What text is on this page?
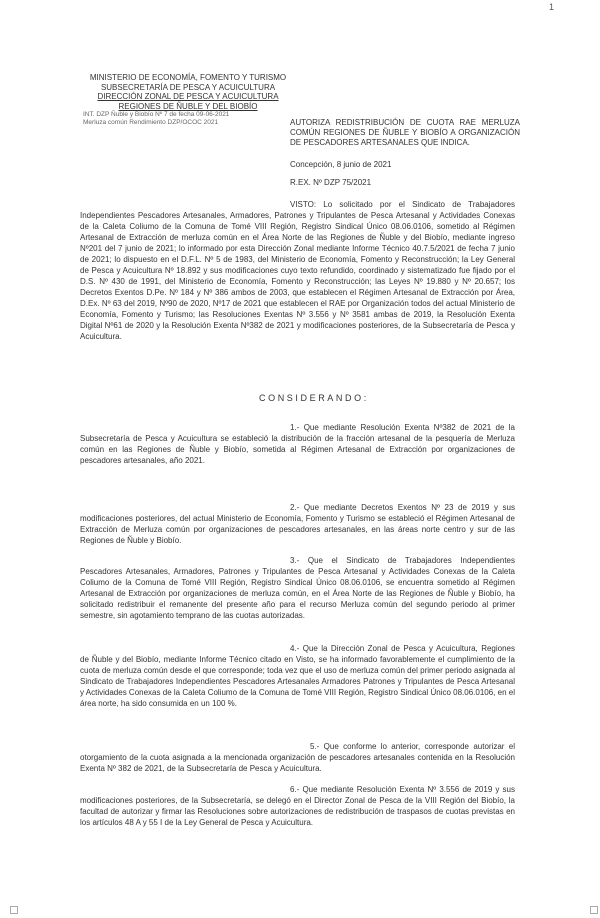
1
MINISTERIO DE ECONOMÍA, FOMENTO Y TURISMO
SUBSECRETARÍA DE PESCA Y ACUICULTURA
DIRECCIÓN ZONAL DE PESCA Y ACUICULTURA
REGIONES DE ÑUBLE Y DEL BIOBÍO
INT. DZP Ñuble y Biobío Nº 7 de fecha 09-06-2021
Merluza común Rendimiento DZP/OCOC 2021	AUTORIZA REDISTRIBUCIÓN DE CUOTA RAE MERLUZA COMÚN REGIONES DE ÑUBLE Y BIOBÍO A ORGANIZACIÓN DE PESCADORES ARTESANALES QUE INDICA.
Concepción, 8 junio de 2021
R.EX. Nº DZP 75/2021
VISTO: Lo solicitado por el Sindicato de Trabajadores Independientes Pescadores Artesanales, Armadores, Patrones y Tripulantes de Pesca Artesanal y Actividades Conexas de la Caleta Coliumo de la Comuna de Tomé VIII Región, Registro Sindical Único 08.06.0106, sometido al Régimen Artesanal de Extracción de merluza común en el Área Norte de las Regiones de Ñuble y del Biobío, mediante ingreso Nº201 del 7 junio de 2021; lo informado por esta Dirección Zonal mediante Informe Técnico 40.7.5/2021 de fecha 7 junio de 2021; lo dispuesto en el D.F.L. Nº 5 de 1983, del Ministerio de Economía, Fomento y Reconstrucción; la Ley General de Pesca y Acuicultura Nº 18.892 y sus modificaciones cuyo texto refundido, coordinado y sistematizado fue fijado por el D.S. Nº 430 de 1991, del Ministerio de Economía, Fomento y Reconstrucción; las Leyes Nº 19.880 y Nº 20.657; los Decretos Exentos D.Pe. Nº 184 y Nº 386 ambos de 2003, que establecen el Régimen Artesanal de Extracción por Área, D.Ex. Nº 63 del 2019, Nº90 de 2020, Nº17 de 2021 que establecen el RAE por Organización todos del actual Ministerio de Economía, Fomento y Turismo; las Resoluciones Exentas Nº 3.556 y Nº 3581 ambas de 2019, la Resolución Exenta Digital Nº61 de 2020 y la Resolución Exenta Nº382 de 2021 y modificaciones posteriores, de la Subsecretaría de Pesca y Acuicultura.
CONSIDERANDO:
1.- Que mediante Resolución Exenta Nº382 de 2021 de la Subsecretaría de Pesca y Acuicultura se estableció la distribución de la fracción artesanal de la pesquería de Merluza común en las Regiones de Ñuble y Biobío, sometida al Régimen Artesanal de Extracción por organizaciones de pescadores artesanales, año 2021.
2.- Que mediante Decretos Exentos Nº 23 de 2019 y sus modificaciones posteriores, del actual Ministerio de Economía, Fomento y Turismo se estableció el Régimen Artesanal de Extracción de Merluza común por organizaciones de pescadores artesanales, en las áreas norte centro y sur de las Regiones de Ñuble y Biobío.
3.- Que el Sindicato de Trabajadores Independientes Pescadores Artesanales, Armadores, Patrones y Tripulantes de Pesca Artesanal y Actividades Conexas de la Caleta Coliumo de la Comuna de Tomé VIII Región, Registro Sindical Único 08.06.0106, se encuentra sometido al Régimen Artesanal de Extracción por organizaciones de merluza común, en el Área Norte de las Regiones de Ñuble y Biobío, ha solicitado redistribuir el remanente del presente año para el recurso Merluza común del segundo periodo al primer semestre, sin agotamiento temprano de las cuotas autorizadas.
4.- Que la Dirección Zonal de Pesca y Acuicultura, Regiones de Ñuble y del Biobío, mediante Informe Técnico citado en Visto, se ha informado favorablemente el cumplimiento de la cuota de merluza común desde el que corresponde; toda vez que el uso de merluza común del primer periodo asignada al Sindicato de Trabajadores Independientes Pescadores Artesanales Armadores Patrones y Tripulantes de Pesca Artesanal y Actividades Conexas de la Caleta Coliumo de la Comuna de Tomé VIII Región, Registro Sindical Único 08.06.0106, en el área norte, ha sido consumida en un 100 %.
5.- Que conforme lo anterior, corresponde autorizar el otorgamiento de la cuota asignada a la mencionada organización de pescadores artesanales contenida en la Resolución Exenta Nº 382 de 2021, de la Subsecretaría de Pesca y Acuicultura.
6.- Que mediante Resolución Exenta Nº 3.556 de 2019 y sus modificaciones posteriores, de la Subsecretaría, se delegó en el Director Zonal de Pesca de la VIII Región del Biobío, la facultad de autorizar y firmar las Resoluciones sobre autorizaciones de redistribución de traspasos de cuotas previstas en los artículos 48 A y 55 I de la Ley General de Pesca y Acuicultura.
